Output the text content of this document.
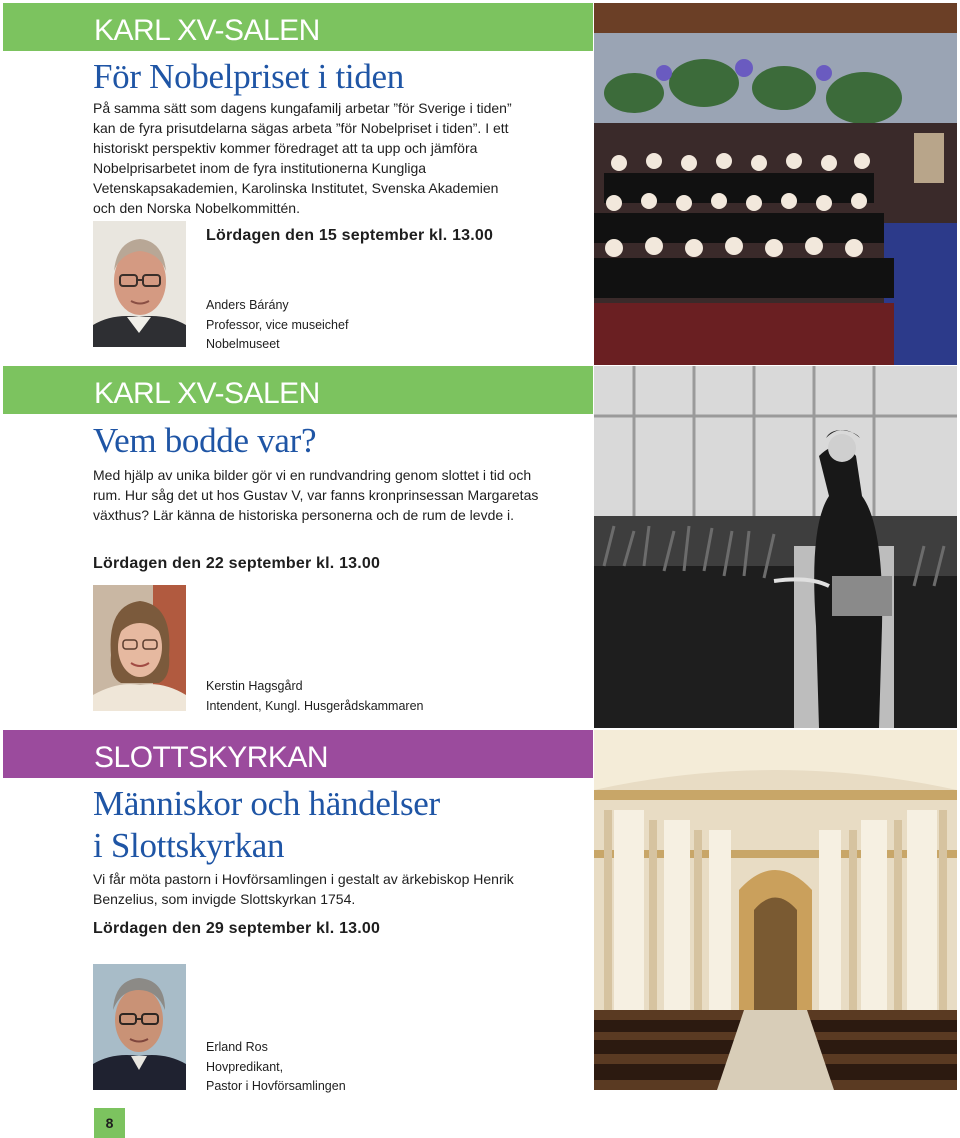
KARL XV-SALEN
För Nobelpriset i tiden
På samma sätt som dagens kungafamilj arbetar ”för Sverige i tiden” kan de fyra prisutdelarna sägas arbeta ”för Nobelpriset i tiden”. I ett historiskt perspektiv kommer föredraget att ta upp och jämföra Nobelprisarbetet inom de fyra institutionerna Kungliga Vetenskapsakademien, Karolinska Institutet, Svenska Akademien och den Norska Nobelkommittén.
Lördagen den 15 september kl. 13.00
Anders Bárány
Professor, vice museichef
Nobelmuseet
KARL XV-SALEN
Vem bodde var?
Med hjälp av unika bilder gör vi en rundvandring genom slottet i tid och rum. Hur såg det ut hos Gustav V, var fanns kronprinsessan Margaretas växthus? Lär känna de historiska personerna och de rum de levde i.
Lördagen den 22 september kl. 13.00
Kerstin Hagsgård
Intendent, Kungl. Husgerådskammaren
SLOTTSKYRKAN
Människor och händelser
i Slottskyrkan
Vi får möta pastorn i Hovförsamlingen i gestalt av ärkebiskop Henrik Benzelius, som invigde Slottskyrkan 1754.
Lördagen den 29 september kl. 13.00
Erland Ros
Hovpredikant,
Pastor i Hovförsamlingen
8
